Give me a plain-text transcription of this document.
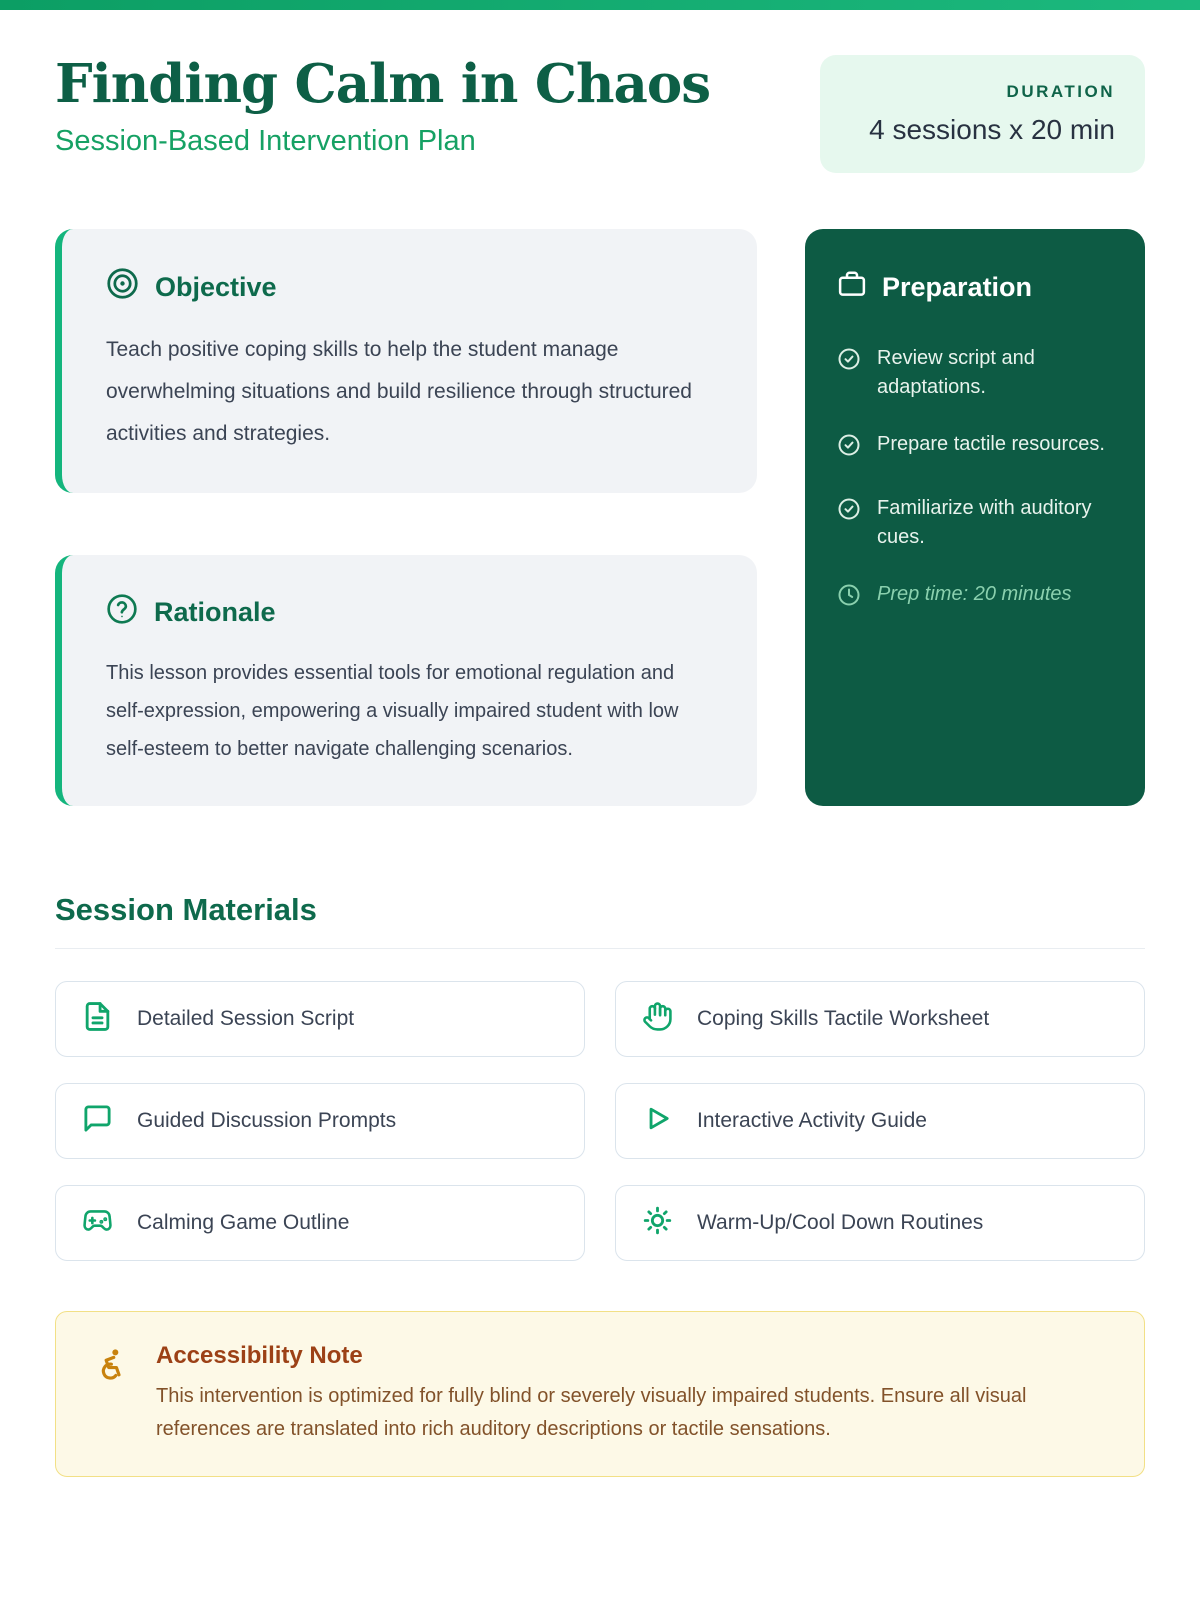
Finding Calm in Chaos
Session-Based Intervention Plan
DURATION
4 sessions x 20 min
Objective
Teach positive coping skills to help the student manage overwhelming situations and build resilience through structured activities and strategies.
Rationale
This lesson provides essential tools for emotional regulation and self-expression, empowering a visually impaired student with low self-esteem to better navigate challenging scenarios.
Preparation
Review script and adaptations.
Prepare tactile resources.
Familiarize with auditory cues.
Prep time: 20 minutes
Session Materials
Detailed Session Script	Coping Skills Tactile Worksheet
Guided Discussion Prompts	Interactive Activity Guide
Calming Game Outline	Warm-Up/Cool Down Routines
Accessibility Note
This intervention is optimized for fully blind or severely visually impaired students. Ensure all visual references are translated into rich auditory descriptions or tactile sensations.
